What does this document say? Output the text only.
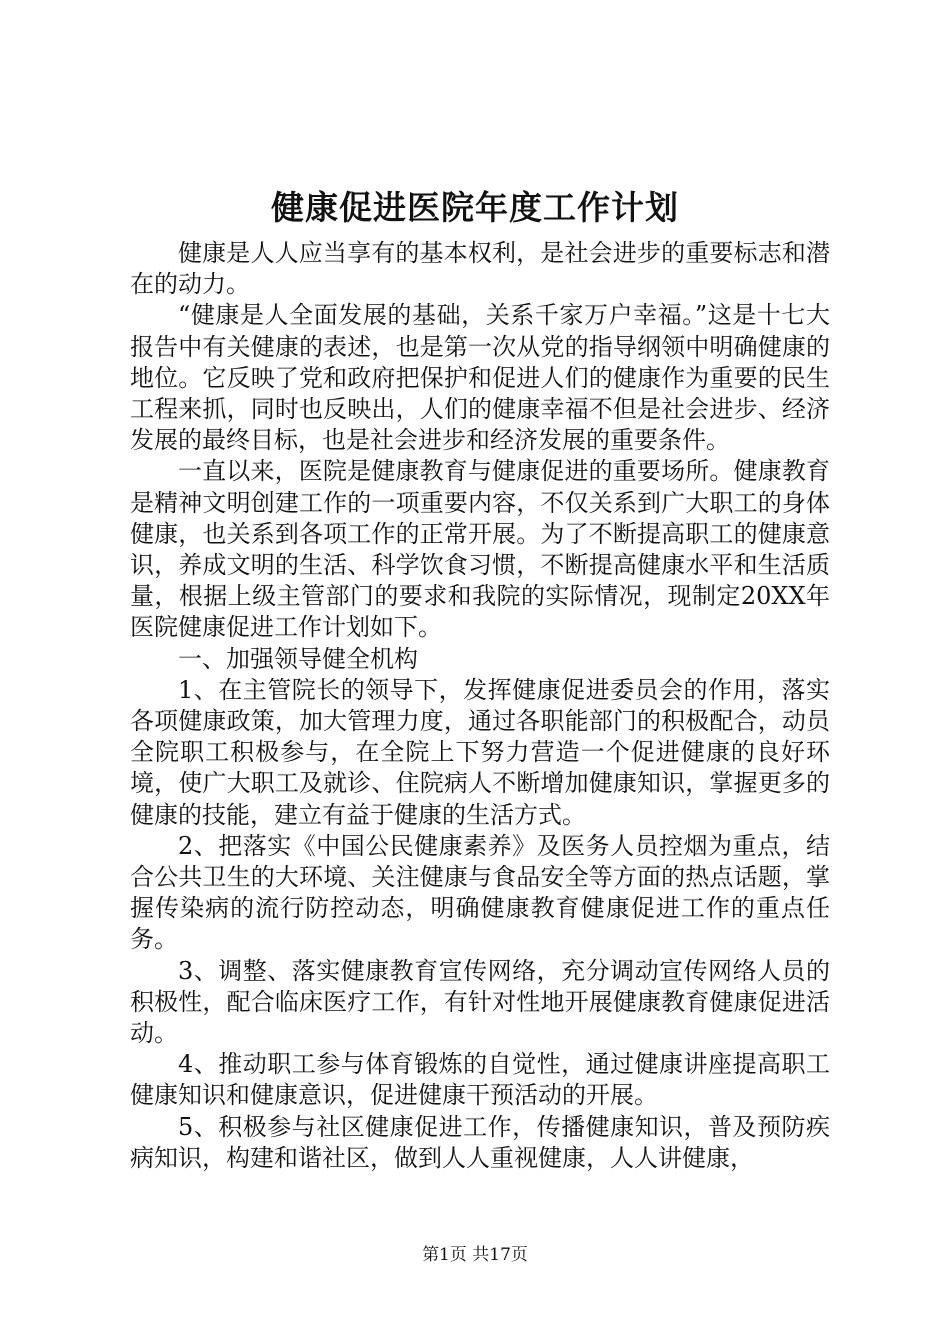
健康促进医院年度工作计划

健康是人人应当享有的基本权利，是社会进步的重要标志和潜在的动力。

“健康是人全面发展的基础，关系千家万户幸福。”这是十七大报告中有关健康的表述，也是第一次从党的指导纲领中明确健康的地位。它反映了党和政府把保护和促进人们的健康作为重要的民生工程来抓，同时也反映出，人们的健康幸福不但是社会进步、经济发展的最终目标，也是社会进步和经济发展的重要条件。

一直以来，医院是健康教育与健康促进的重要场所。健康教育是精神文明创建工作的一项重要内容，不仅关系到广大职工的身体健康，也关系到各项工作的正常开展。为了不断提高职工的健康意识，养成文明的生活、科学饮食习惯，不断提高健康水平和生活质量，根据上级主管部门的要求和我院的实际情况，现制定20XX年医院健康促进工作计划如下。

一、加强领导健全机构

1、在主管院长的领导下，发挥健康促进委员会的作用，落实各项健康政策，加大管理力度，通过各职能部门的积极配合，动员全院职工积极参与，在全院上下努力营造一个促进健康的良好环境，使广大职工及就诊、住院病人不断增加健康知识，掌握更多的健康的技能，建立有益于健康的生活方式。

2、把落实《中国公民健康素养》及医务人员控烟为重点，结合公共卫生的大环境、关注健康与食品安全等方面的热点话题，掌握传染病的流行防控动态，明确健康教育健康促进工作的重点任务。

3、调整、落实健康教育宣传网络，充分调动宣传网络人员的积极性，配合临床医疗工作，有针对性地开展健康教育健康促进活动。

4、推动职工参与体育锻炼的自觉性，通过健康讲座提高职工健康知识和健康意识，促进健康干预活动的开展。

5、积极参与社区健康促进工作，传播健康知识，普及预防疾病知识，构建和谐社区，做到人人重视健康，人人讲健康，

第1页 共17页
